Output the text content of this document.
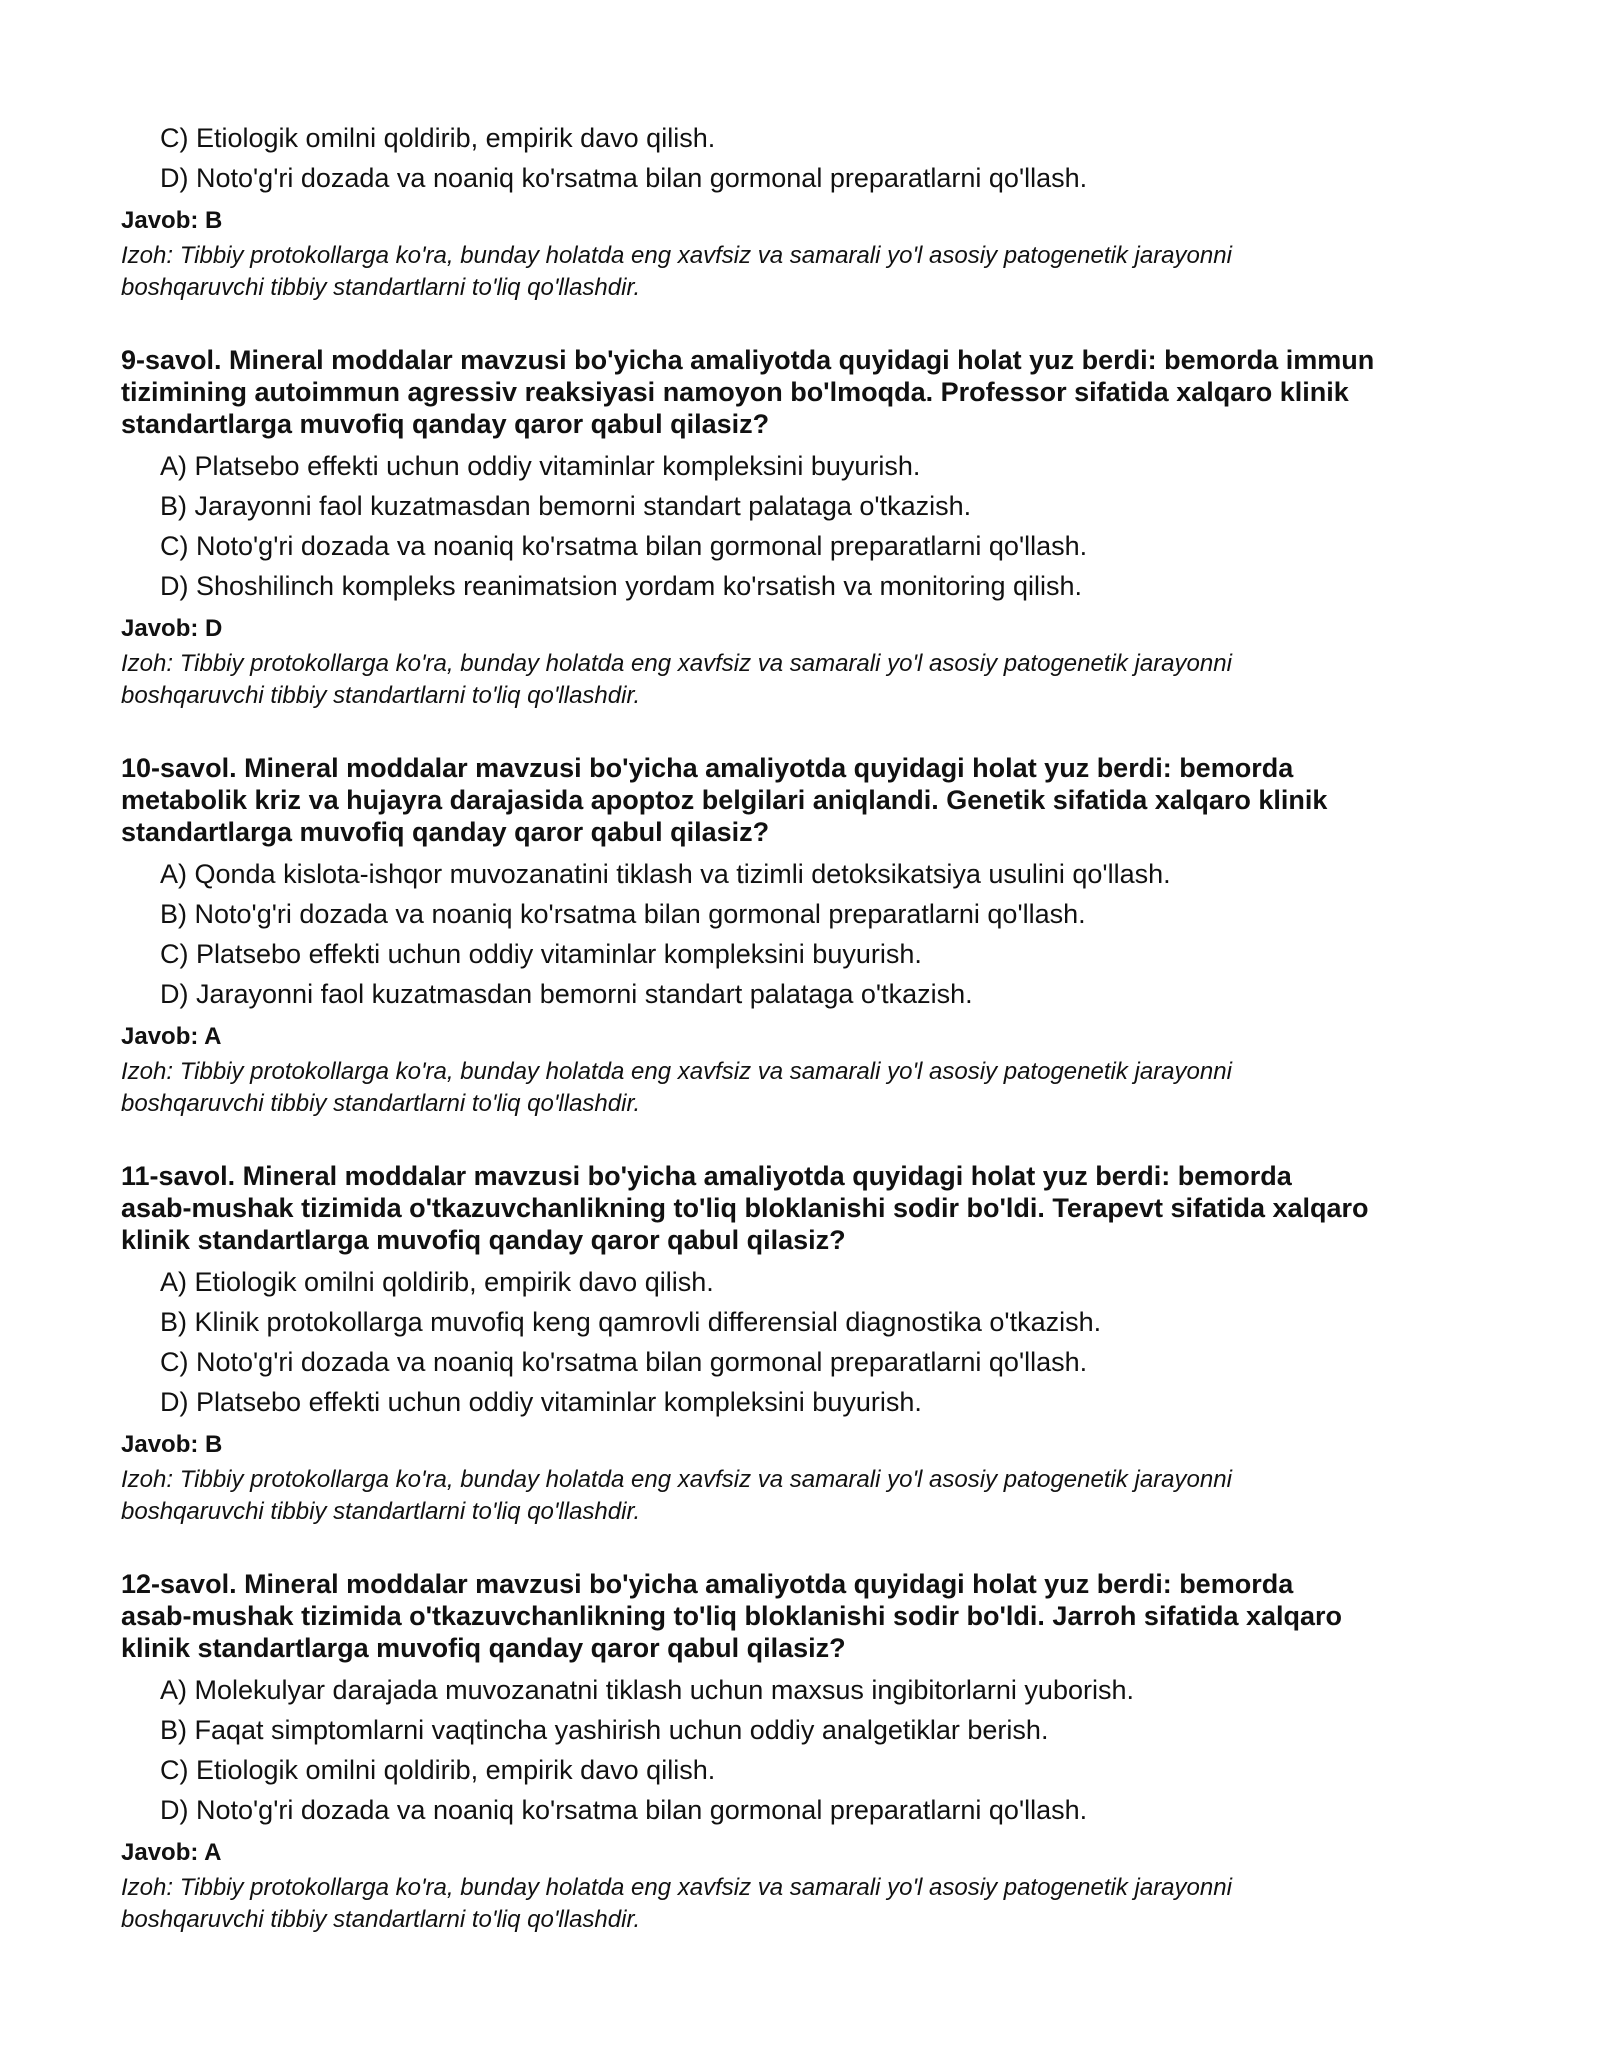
C) Etiologik omilni qoldirib, empirik davo qilish.
D) Noto'g'ri dozada va noaniq ko'rsatma bilan gormonal preparatlarni qo'llash.
Javob: B
Izoh: Tibbiy protokollarga ko'ra, bunday holatda eng xavfsiz va samarali yo'l asosiy patogenetik jarayonni
boshqaruvchi tibbiy standartlarni to'liq qo'llashdir.
9-savol. Mineral moddalar mavzusi bo'yicha amaliyotda quyidagi holat yuz berdi: bemorda immun
tizimining autoimmun agressiv reaksiyasi namoyon bo'lmoqda. Professor sifatida xalqaro klinik
standartlarga muvofiq qanday qaror qabul qilasiz?
A) Platsebo effekti uchun oddiy vitaminlar kompleksini buyurish.
B) Jarayonni faol kuzatmasdan bemorni standart palataga o'tkazish.
C) Noto'g'ri dozada va noaniq ko'rsatma bilan gormonal preparatlarni qo'llash.
D) Shoshilinch kompleks reanimatsion yordam ko'rsatish va monitoring qilish.
Javob: D
Izoh: Tibbiy protokollarga ko'ra, bunday holatda eng xavfsiz va samarali yo'l asosiy patogenetik jarayonni
boshqaruvchi tibbiy standartlarni to'liq qo'llashdir.
10-savol. Mineral moddalar mavzusi bo'yicha amaliyotda quyidagi holat yuz berdi: bemorda
metabolik kriz va hujayra darajasida apoptoz belgilari aniqlandi. Genetik sifatida xalqaro klinik
standartlarga muvofiq qanday qaror qabul qilasiz?
A) Qonda kislota-ishqor muvozanatini tiklash va tizimli detoksikatsiya usulini qo'llash.
B) Noto'g'ri dozada va noaniq ko'rsatma bilan gormonal preparatlarni qo'llash.
C) Platsebo effekti uchun oddiy vitaminlar kompleksini buyurish.
D) Jarayonni faol kuzatmasdan bemorni standart palataga o'tkazish.
Javob: A
Izoh: Tibbiy protokollarga ko'ra, bunday holatda eng xavfsiz va samarali yo'l asosiy patogenetik jarayonni
boshqaruvchi tibbiy standartlarni to'liq qo'llashdir.
11-savol. Mineral moddalar mavzusi bo'yicha amaliyotda quyidagi holat yuz berdi: bemorda
asab-mushak tizimida o'tkazuvchanlikning to'liq bloklanishi sodir bo'ldi. Terapevt sifatida xalqaro
klinik standartlarga muvofiq qanday qaror qabul qilasiz?
A) Etiologik omilni qoldirib, empirik davo qilish.
B) Klinik protokollarga muvofiq keng qamrovli differensial diagnostika o'tkazish.
C) Noto'g'ri dozada va noaniq ko'rsatma bilan gormonal preparatlarni qo'llash.
D) Platsebo effekti uchun oddiy vitaminlar kompleksini buyurish.
Javob: B
Izoh: Tibbiy protokollarga ko'ra, bunday holatda eng xavfsiz va samarali yo'l asosiy patogenetik jarayonni
boshqaruvchi tibbiy standartlarni to'liq qo'llashdir.
12-savol. Mineral moddalar mavzusi bo'yicha amaliyotda quyidagi holat yuz berdi: bemorda
asab-mushak tizimida o'tkazuvchanlikning to'liq bloklanishi sodir bo'ldi. Jarroh sifatida xalqaro
klinik standartlarga muvofiq qanday qaror qabul qilasiz?
A) Molekulyar darajada muvozanatni tiklash uchun maxsus ingibitorlarni yuborish.
B) Faqat simptomlarni vaqtincha yashirish uchun oddiy analgetiklar berish.
C) Etiologik omilni qoldirib, empirik davo qilish.
D) Noto'g'ri dozada va noaniq ko'rsatma bilan gormonal preparatlarni qo'llash.
Javob: A
Izoh: Tibbiy protokollarga ko'ra, bunday holatda eng xavfsiz va samarali yo'l asosiy patogenetik jarayonni
boshqaruvchi tibbiy standartlarni to'liq qo'llashdir.
